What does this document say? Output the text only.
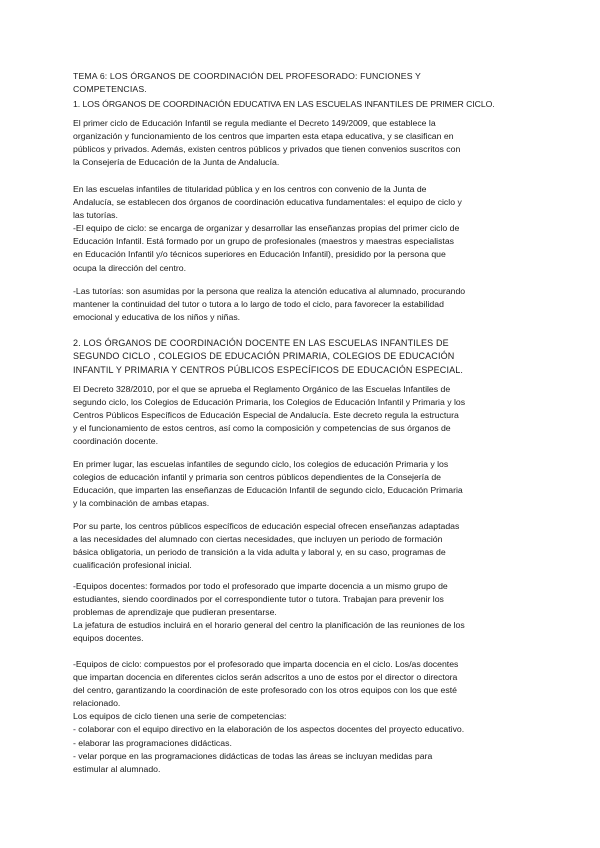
TEMA 6: LOS ÓRGANOS DE COORDINACIÓN DEL PROFESORADO: FUNCIONES Y
COMPETENCIAS.
1. LOS ÓRGANOS DE COORDINACIÓN EDUCATIVA EN LAS ESCUELAS INFANTILES DE PRIMER CICLO.
El primer ciclo de Educación Infantil se regula mediante el Decreto 149/2009, que establece la
organización y funcionamiento de los centros que imparten esta etapa educativa, y se clasifican en
públicos y privados. Además, existen centros públicos y privados que tienen convenios suscritos con
la Consejería de Educación de la Junta de Andalucía.
En las escuelas infantiles de titularidad pública y en los centros con convenio de la Junta de
Andalucía, se establecen dos órganos de coordinación educativa fundamentales: el equipo de ciclo y
las tutorías.
-El equipo de ciclo: se encarga de organizar y desarrollar las enseñanzas propias del primer ciclo de
Educación Infantil. Está formado por un grupo de profesionales (maestros y maestras especialistas
en Educación Infantil y/o técnicos superiores en Educación Infantil), presidido por la persona que
ocupa la dirección del centro.
-Las tutorías: son asumidas por la persona que realiza la atención educativa al alumnado, procurando
mantener la continuidad del tutor o tutora a lo largo de todo el ciclo, para favorecer la estabilidad
emocional y educativa de los niños y niñas.
2. LOS ÓRGANOS DE COORDINACIÓN DOCENTE EN LAS ESCUELAS INFANTILES DE
SEGUNDO CICLO , COLEGIOS DE EDUCACIÓN PRIMARIA, COLEGIOS DE EDUCACIÓN
INFANTIL Y PRIMARIA Y CENTROS PÚBLICOS ESPECÍFICOS DE EDUCACIÓN ESPECIAL.
El Decreto 328/2010, por el que se aprueba el Reglamento Orgánico de las Escuelas Infantiles de
segundo ciclo, los Colegios de Educación Primaria, los Colegios de Educación Infantil y Primaria y los
Centros Públicos Específicos de Educación Especial de Andalucía. Este decreto regula la estructura
y el funcionamiento de estos centros, así como la composición y competencias de sus órganos de
coordinación docente.
En primer lugar, las escuelas infantiles de segundo ciclo, los colegios de educación Primaria y los
colegios de educación infantil y primaria son centros públicos dependientes de la Consejería de
Educación, que imparten las enseñanzas de Educación Infantil de segundo ciclo, Educación Primaria
y la combinación de ambas etapas.
Por su parte, los centros públicos específicos de educación especial ofrecen enseñanzas adaptadas
a las necesidades del alumnado con ciertas necesidades, que incluyen un periodo de formación
básica obligatoria, un periodo de transición a la vida adulta y laboral y, en su caso, programas de
cualificación profesional inicial.
-Equipos docentes: formados por todo el profesorado que imparte docencia a un mismo grupo de
estudiantes, siendo coordinados por el correspondiente tutor o tutora. Trabajan para prevenir los
problemas de aprendizaje que pudieran presentarse.
La jefatura de estudios incluirá en el horario general del centro la planificación de las reuniones de los
equipos docentes.
-Equipos de ciclo: compuestos por el profesorado que imparta docencia en el ciclo. Los/as docentes
que impartan docencia en diferentes ciclos serán adscritos a uno de estos por el director o directora
del centro, garantizando la coordinación de este profesorado con los otros equipos con los que esté
relacionado.
Los equipos de ciclo tienen una serie de competencias:
- colaborar con el equipo directivo en la elaboración de los aspectos docentes del proyecto educativo.
- elaborar las programaciones didácticas.
- velar porque en las programaciones didácticas de todas las áreas se incluyan medidas para
estimular al alumnado.
